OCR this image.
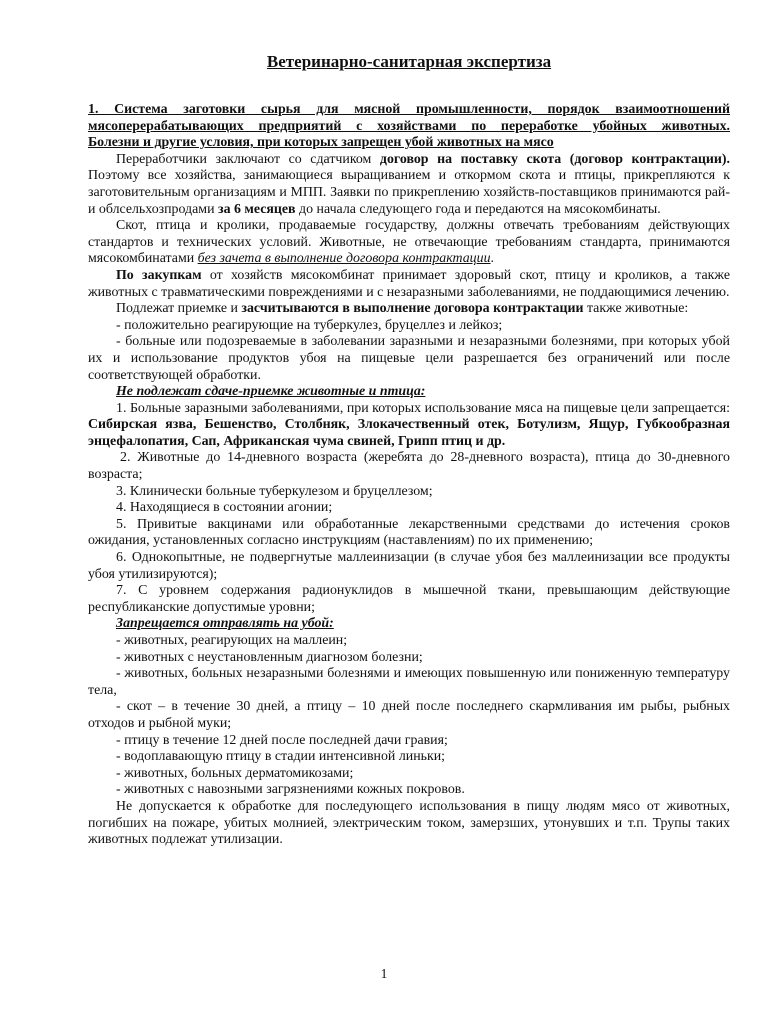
Ветеринарно-санитарная экспертиза
1. Система заготовки сырья для мясной промышленности, порядок взаимоотношений
мясоперерабатывающих предприятий с хозяйствами по переработке убойных животных.
Болезни и другие условия, при которых запрещен убой животных на мясо

Переработчики заключают со сдатчиком договор на поставку скота (договор контрактации). Поэтому все хозяйства, занимающиеся выращиванием и откормом скота и птицы, прикрепляются к заготовительным организациям и МПП. Заявки по прикреплению хозяйств-поставщиков принимаются рай- и облсельхозпродами за 6 месяцев до начала следующего года и передаются на мясокомбинаты.

Скот, птица и кролики, продаваемые государству, должны отвечать требованиям действующих стандартов и технических условий. Животные, не отвечающие требованиям стандарта, принимаются мясокомбинатами без зачета в выполнение договора контрактации.

По закупкам от хозяйств мясокомбинат принимает здоровый скот, птицу и кроликов, а также животных с травматическими повреждениями и с незаразными заболеваниями, не поддающимися лечению.

Подлежат приемке и засчитываются в выполнение договора контрактации также животные:

- положительно реагирующие на туберкулез, бруцеллез и лейкоз;

- больные или подозреваемые в заболевании заразными и незаразными болезнями, при которых убой их и использование продуктов убоя на пищевые цели разрешается без ограничений или после соответствующей обработки.

Не подлежат сдаче-приемке животные и птица:

1. Больные заразными заболеваниями, при которых использование мяса на пищевые цели запрещается: Сибирская язва, Бешенство, Столбняк, Злокачественный отек, Ботулизм, Ящур, Губкообразная энцефалопатия, Сап, Африканская чума свиней, Грипп птиц и др.

2. Животные до 14-дневного возраста (жеребята до 28-дневного возраста), птица до 30-дневного возраста;

3. Клинически больные туберкулезом и бруцеллезом;

4. Находящиеся в состоянии агонии;

5. Привитые вакцинами или обработанные лекарственными средствами до истечения сроков ожидания, установленных согласно инструкциям (наставлениям) по их применению;

6. Однокопытные, не подвергнутые маллеинизации (в случае убоя без маллеинизации все продукты убоя утилизируются);

7. С уровнем содержания радионуклидов в мышечной ткани, превышающим действующие республиканские допустимые уровни;

Запрещается отправлять на убой:

- животных, реагирующих на маллеин;

- животных с неустановленным диагнозом болезни;

- животных, больных незаразными болезнями и имеющих повышенную или пониженную температуру тела,

- скот – в течение 30 дней, а птицу – 10 дней после последнего скармливания им рыбы, рыбных отходов и рыбной муки;

- птицу в течение 12 дней после последней дачи гравия;

- водоплавающую птицу в стадии интенсивной линьки;

- животных, больных дерматомикозами;

- животных с навозными загрязнениями кожных покровов.

Не допускается к обработке для последующего использования в пищу людям мясо от животных, погибших на пожаре, убитых молнией, электрическим током, замерзших, утонувших и т.п. Трупы таких животных подлежат утилизации.

1
